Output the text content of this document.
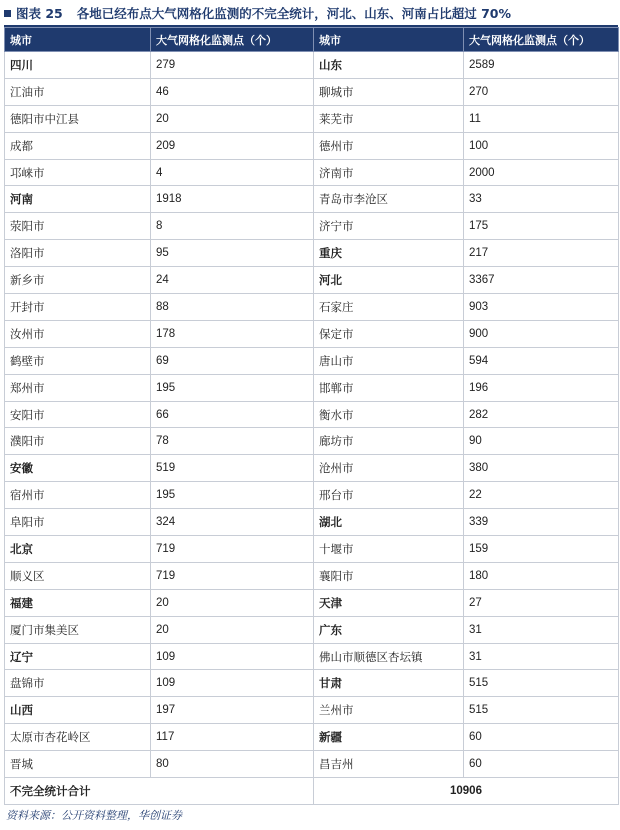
图表 25 各地已经布点大气网格化监测的不完全统计，河北、山东、河南占比超过 70%
城市	大气网格化监测点（个）	城市	大气网格化监测点（个）
四川	279	山东	2589
江油市	46	聊城市	270
德阳市中江县	20	莱芜市	11
成都	209	德州市	100
邛崃市	4	济南市	2000
河南	1918	青岛市李沧区	33
荥阳市	8	济宁市	175
洛阳市	95	重庆	217
新乡市	24	河北	3367
开封市	88	石家庄	903
汝州市	178	保定市	900
鹤壁市	69	唐山市	594
郑州市	195	邯郸市	196
安阳市	66	衡水市	282
濮阳市	78	廊坊市	90
安徽	519	沧州市	380
宿州市	195	邢台市	22
阜阳市	324	湖北	339
北京	719	十堰市	159
顺义区	719	襄阳市	180
福建	20	天津	27
厦门市集美区	20	广东	31
辽宁	109	佛山市顺德区杏坛镇	31
盘锦市	109	甘肃	515
山西	197	兰州市	515
太原市杏花岭区	117	新疆	60
晋城	80	昌吉州	60
不完全统计合计		10906	
资料来源：公开资料整理，华创证券
